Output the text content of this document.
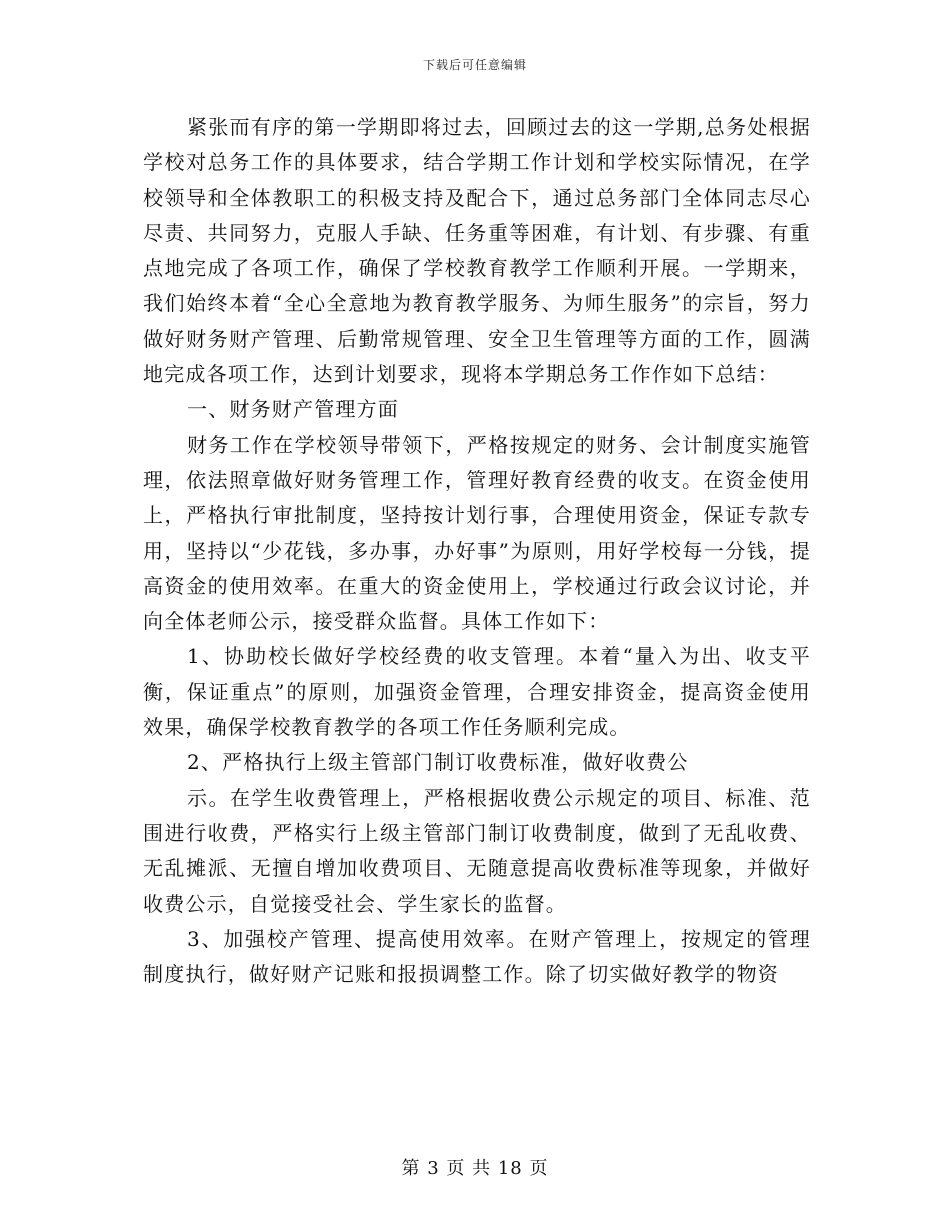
下载后可任意编辑

紧张而有序的第一学期即将过去，回顾过去的这一学期,总务处根据学校对总务工作的具体要求，结合学期工作计划和学校实际情况，在学校领导和全体教职工的积极支持及配合下，通过总务部门全体同志尽心尽责、共同努力，克服人手缺、任务重等困难，有计划、有步骤、有重点地完成了各项工作，确保了学校教育教学工作顺利开展。一学期来，我们始终本着“全心全意地为教育教学服务、为师生服务”的宗旨，努力做好财务财产管理、后勤常规管理、安全卫生管理等方面的工作，圆满地完成各项工作，达到计划要求，现将本学期总务工作作如下总结：

一、财务财产管理方面

财务工作在学校领导带领下，严格按规定的财务、会计制度实施管理，依法照章做好财务管理工作，管理好教育经费的收支。在资金使用上，严格执行审批制度，坚持按计划行事，合理使用资金，保证专款专用，坚持以“少花钱，多办事，办好事”为原则，用好学校每一分钱，提高资金的使用效率。在重大的资金使用上，学校通过行政会议讨论，并向全体老师公示，接受群众监督。具体工作如下：

1、协助校长做好学校经费的收支管理。本着“量入为出、收支平衡，保证重点”的原则，加强资金管理，合理安排资金，提高资金使用效果，确保学校教育教学的各项工作任务顺利完成。

2、严格执行上级主管部门制订收费标准，做好收费公

示。在学生收费管理上，严格根据收费公示规定的项目、标准、范围进行收费，严格实行上级主管部门制订收费制度，做到了无乱收费、无乱摊派、无擅自增加收费项目、无随意提高收费标准等现象，并做好收费公示，自觉接受社会、学生家长的监督。

3、加强校产管理、提高使用效率。在财产管理上，按规定的管理制度执行，做好财产记账和报损调整工作。除了切实做好教学的物资

第 3 页 共 18 页
